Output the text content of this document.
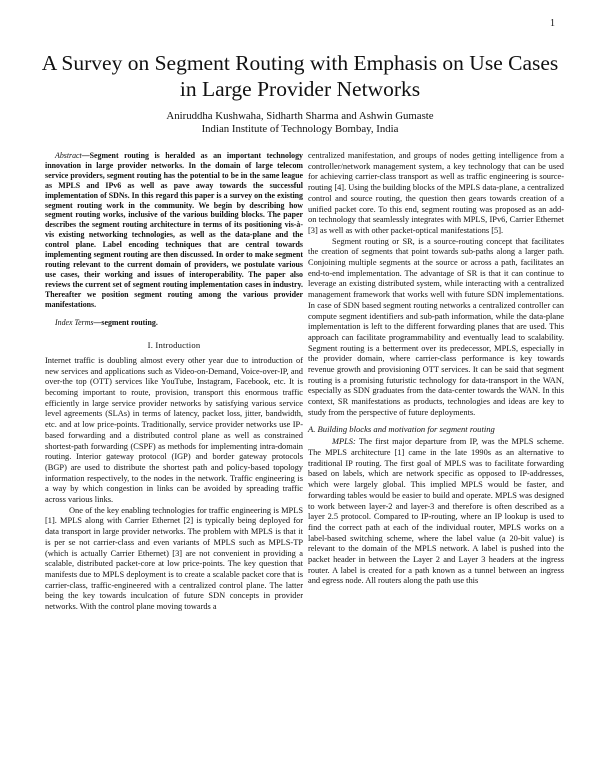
1
A Survey on Segment Routing with Emphasis on Use Cases in Large Provider Networks
Aniruddha Kushwaha, Sidharth Sharma and Ashwin Gumaste
Indian Institute of Technology Bombay, India

Abstract—Segment routing is heralded as an important technology innovation in large provider networks. In the domain of large telecom service providers, segment routing has the potential to be in the same league as MPLS and IPv6 as well as pave away towards the successful implementation of SDNs. In this regard this paper is a survey on the existing segment routing work in the community. We begin by describing how segment routing works, inclusive of the various building blocks. The paper describes the segment routing architecture in terms of its positioning vis-à-vis existing networking technologies, as well as the data-plane and the control plane. Label encoding techniques that are central towards implementing segment routing are then discussed. In order to make segment routing relevant to the current domain of providers, we postulate various use cases, their working and issues of interoperability. The paper also reviews the current set of segment routing implementation cases in industry. Thereafter we position segment routing among the various provider manifestations.

Index Terms—segment routing.

I. Introduction

Internet traffic is doubling almost every other year due to introduction of new services and applications such as Video-on-Demand, Voice-over-IP, and over-the top (OTT) services like YouTube, Instagram, Facebook, etc. It is becoming important to route, provision, transport this enormous traffic efficiently in large service provider networks by satisfying various service level agreements (SLAs) in terms of latency, packet loss, jitter, bandwidth, etc. and at low price-points. Traditionally, service provider networks use IP-based forwarding and a distributed control plane as well as constrained shortest-path forwarding (CSPF) as methods for implementing intra-domain routing. Interior gateway protocol (IGP) and border gateway protocols (BGP) are used to distribute the shortest path and policy-based topology information respectively, to the nodes in the network. Traffic engineering is a way by which congestion in links can be avoided by spreading traffic across various links.

One of the key enabling technologies for traffic engineering is MPLS [1]. MPLS along with Carrier Ethernet [2] is typically being deployed for data transport in large provider networks. The problem with MPLS is that it is per se not carrier-class and even variants of MPLS such as MPLS-TP (which is actually Carrier Ethernet) [3] are not convenient in providing a scalable, distributed packet-core at low price-points. The key question that manifests due to MPLS deployment is to create a scalable packet core that is carrier-class, traffic-engineered with a centralized control plane. The latter being the key towards inculcation of future SDN concepts in provider networks. With the control plane moving towards a

centralized manifestation, and groups of nodes getting intelligence from a controller/network management system, a key technology that can be used for achieving carrier-class transport as well as traffic engineering is source-routing [4]. Using the building blocks of the MPLS data-plane, a centralized control and source routing, the question then gears towards creation of a unified packet core. To this end, segment routing was proposed as an add-on technology that seamlessly integrates with MPLS, IPv6, Carrier Ethernet [3] as well as with other packet-optical manifestations [5].

Segment routing or SR, is a source-routing concept that facilitates the creation of segments that point towards sub-paths along a larger path. Conjoining multiple segments at the source or across a path, facilitates an end-to-end implementation. The advantage of SR is that it can continue to leverage an existing distributed system, while interacting with a centralized management framework that works well with future SDN implementations. In case of SDN based segment routing networks a centralized controller can compute segment identifiers and sub-path information, while the data-plane implementation is left to the different forwarding planes that are used. This approach can facilitate programmability and eventually lead to scalability. Segment routing is a betterment over its predecessor, MPLS, especially in the provider domain, where carrier-class performance is key towards revenue growth and provisioning OTT services. It can be said that segment routing is a promising futuristic technology for data-transport in the WAN, especially as SDN graduates from the data-center towards the WAN. In this context, SR manifestations as products, technologies and ideas are key to study from the perspective of future deployments.

A. Building blocks and motivation for segment routing

MPLS: The first major departure from IP, was the MPLS scheme. The MPLS architecture [1] came in the late 1990s as an alternative to traditional IP routing. The first goal of MPLS was to facilitate forwarding based on labels, which are network specific as opposed to IP-addresses, which were largely global. This implied MPLS would be faster, and forwarding tables would be easier to build and operate. MPLS was designed to work between layer-2 and layer-3 and therefore is often described as a layer 2.5 protocol. Compared to IP-routing, where an IP lookup is used to find the correct path at each of the individual router, MPLS works on a label-based switching scheme, where the label value (a 20-bit value) is relevant to the domain of the MPLS network. A label is pushed into the packet header in between the Layer 2 and Layer 3 headers at the ingress router. A label is created for a path known as a tunnel between an ingress and egress node. All routers along the path use this
